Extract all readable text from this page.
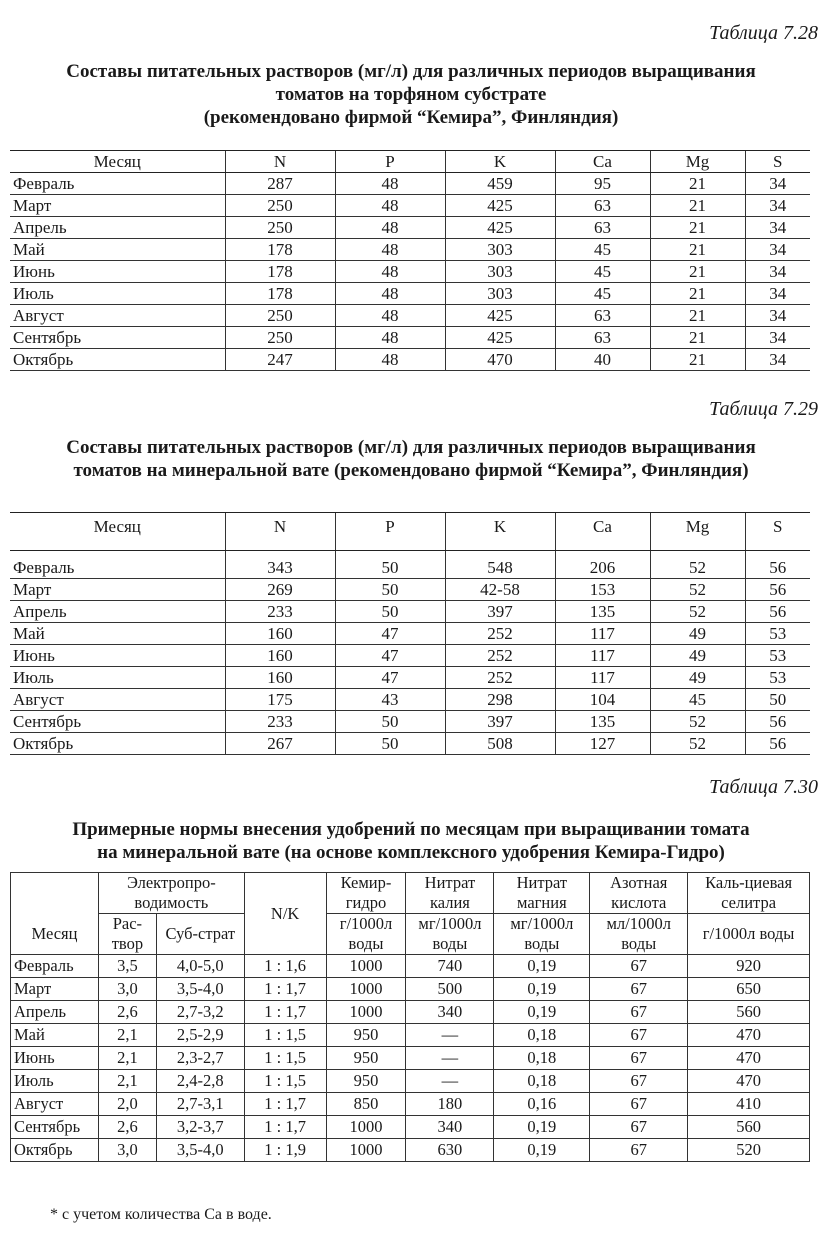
Таблица 7.28
Составы питательных растворов (мг/л) для различных периодов выращивания
томатов на торфяном субстрате
(рекомендовано фирмой “Кемира”, Финляндия)
Месяц	N	P	K	Ca	Mg	S
Февраль	287	48	459	95	21	34
Март	250	48	425	63	21	34
Апрель	250	48	425	63	21	34
Май	178	48	303	45	21	34
Июнь	178	48	303	45	21	34
Июль	178	48	303	45	21	34
Август	250	48	425	63	21	34
Сентябрь	250	48	425	63	21	34
Октябрь	247	48	470	40	21	34
Таблица 7.29
Составы питательных растворов (мг/л) для различных периодов выращивания
томатов на минеральной вате (рекомендовано фирмой “Кемира”, Финляндия)
Месяц	N	P	K	Ca	Mg	S
Февраль	343	50	548	206	52	56
Март	269	50	42-58	153	52	56
Апрель	233	50	397	135	52	56
Май	160	47	252	117	49	53
Июнь	160	47	252	117	49	53
Июль	160	47	252	117	49	53
Август	175	43	298	104	45	50
Сентябрь	233	50	397	135	52	56
Октябрь	267	50	508	127	52	56
Таблица 7.30
Примерные нормы внесения удобрений по месяцам при выращивании томата
на минеральной вате (на основе комплексного удобрения Кемира-Гидро)
	Электропро-водимость		N/K	Кемир-гидро	Нитрат калия	Нитрат магния	Азотная кислота	Каль-циевая селитра
Месяц	Рас-твор	Суб-страт		г/1000л воды	мг/1000л воды	мг/1000л воды	мл/1000л воды	г/1000л воды
Февраль	3,5	4,0-5,0	1 : 1,6	1000	740	0,19	67	920
Март	3,0	3,5-4,0	1 : 1,7	1000	500	0,19	67	650
Апрель	2,6	2,7-3,2	1 : 1,7	1000	340	0,19	67	560
Май	2,1	2,5-2,9	1 : 1,5	950	—	0,18	67	470
Июнь	2,1	2,3-2,7	1 : 1,5	950	—	0,18	67	470
Июль	2,1	2,4-2,8	1 : 1,5	950	—	0,18	67	470
Август	2,0	2,7-3,1	1 : 1,7	850	180	0,16	67	410
Сентябрь	2,6	3,2-3,7	1 : 1,7	1000	340	0,19	67	560
Октябрь	3,0	3,5-4,0	1 : 1,9	1000	630	0,19	67	520
* с учетом количества Ca в воде.
